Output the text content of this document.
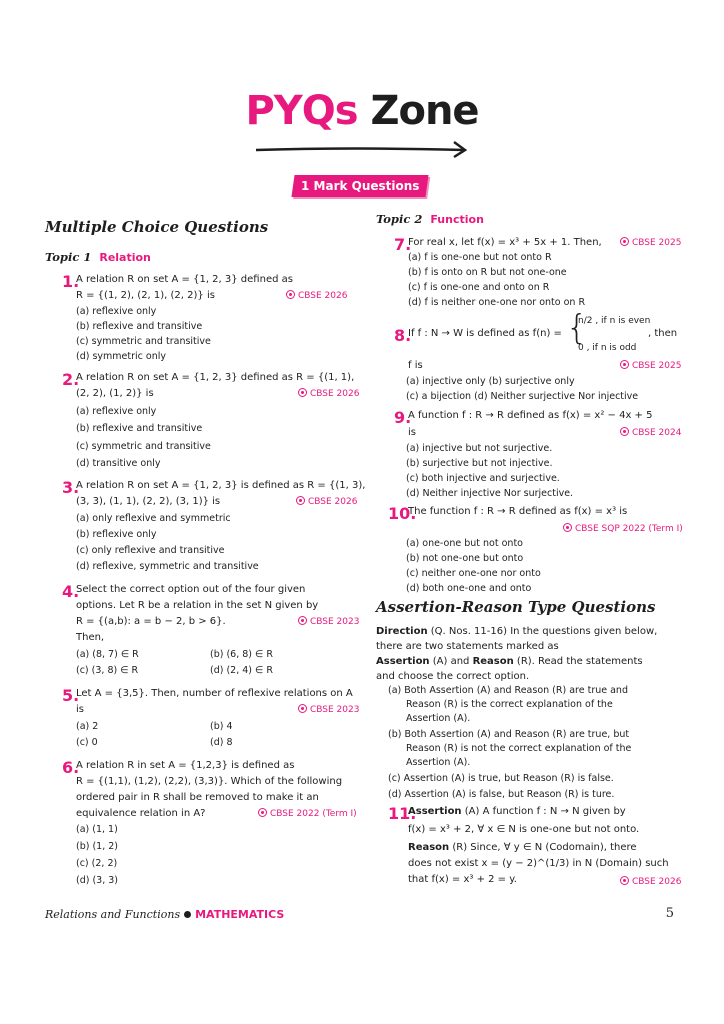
PYQs Zone
1 Mark Questions
Multiple Choice Questions
Topic 1 Relation
1.
A relation R on set A = {1, 2, 3} defined as
R = {(1, 2), (2, 1), (2, 2)} is	CBSE 2026
(a) reflexive only
(b) reflexive and transitive
(c) symmetric and transitive
(d) symmetric only
2.
A relation R on set A = {1, 2, 3} defined as R = {(1, 1),
(2, 2), (1, 2)} is	CBSE 2026
(a) reflexive only
(b) reflexive and transitive
(c) symmetric and transitive
(d) transitive only
3.
A relation R on set A = {1, 2, 3} is defined as R = {(1, 3),
(3, 3), (1, 1), (2, 2), (3, 1)} is	CBSE 2026
(a) only reflexive and symmetric
(b) reflexive only
(c) only reflexive and transitive
(d) reflexive, symmetric and transitive
4.
Select the correct option out of the four given
options. Let R be a relation in the set N given by
R = {(a,b): a = b − 2, b > 6}.	CBSE 2023
Then,
(a) (8, 7) ∈ R	(b) (6, 8) ∈ R
(c) (3, 8) ∈ R	(d) (2, 4) ∈ R
5.
Let A = {3,5}. Then, number of reflexive relations on A
is	CBSE 2023
(a) 2	(b) 4
(c) 0	(d) 8
6.
A relation R in set A = {1,2,3} is defined as
R = {(1,1), (1,2), (2,2), (3,3)}. Which of the following
ordered pair in R shall be removed to make it an
equivalence relation in A?	CBSE 2022 (Term I)
(a) (1, 1)
(b) (1, 2)
(c) (2, 2)
(d) (3, 3)
Topic 2 Function
7.
For real x, let f(x) = x³ + 5x + 1. Then,	CBSE 2025
(a) f is one-one but not onto R
(b) f is onto on R but not one-one
(c) f is one-one and onto on R
(d) f is neither one-one nor onto on R
8.
If f : N → W is defined as f(n) = {
n/2 , if n is even
0 , if n is odd
, then
f is	CBSE 2025
(a) injective only (b) surjective only
(c) a bijection (d) Neither surjective Nor injective
9.
A function f : R → R defined as f(x) = x² − 4x + 5
is	CBSE 2024
(a) injective but not surjective.
(b) surjective but not injective.
(c) both injective and surjective.
(d) Neither injective Nor surjective.
10.
The function f : R → R defined as f(x) = x³ is
CBSE SQP 2022 (Term I)
(a) one-one but not onto
(b) not one-one but onto
(c) neither one-one nor onto
(d) both one-one and onto
Assertion-Reason Type Questions
Direction (Q. Nos. 11-16) In the questions given below,
there are two statements marked as
Assertion (A) and Reason (R). Read the statements
and choose the correct option.
(a) Both Assertion (A) and Reason (R) are true and
Reason (R) is the correct explanation of the
Assertion (A).
(b) Both Assertion (A) and Reason (R) are true, but
Reason (R) is not the correct explanation of the
Assertion (A).
(c) Assertion (A) is true, but Reason (R) is false.
(d) Assertion (A) is false, but Reason (R) is ture.
11.
Assertion (A) A function f : N → N given by
f(x) = x³ + 2, ∀ x ∈ N is one-one but not onto.
Reason (R) Since, ∀ y ∈ N (Codomain), there
does not exist x = (y − 2)^(1/3) in N (Domain) such
that f(x) = x³ + 2 = y.	CBSE 2026
Relations and Functions MATHEMATICS	5
